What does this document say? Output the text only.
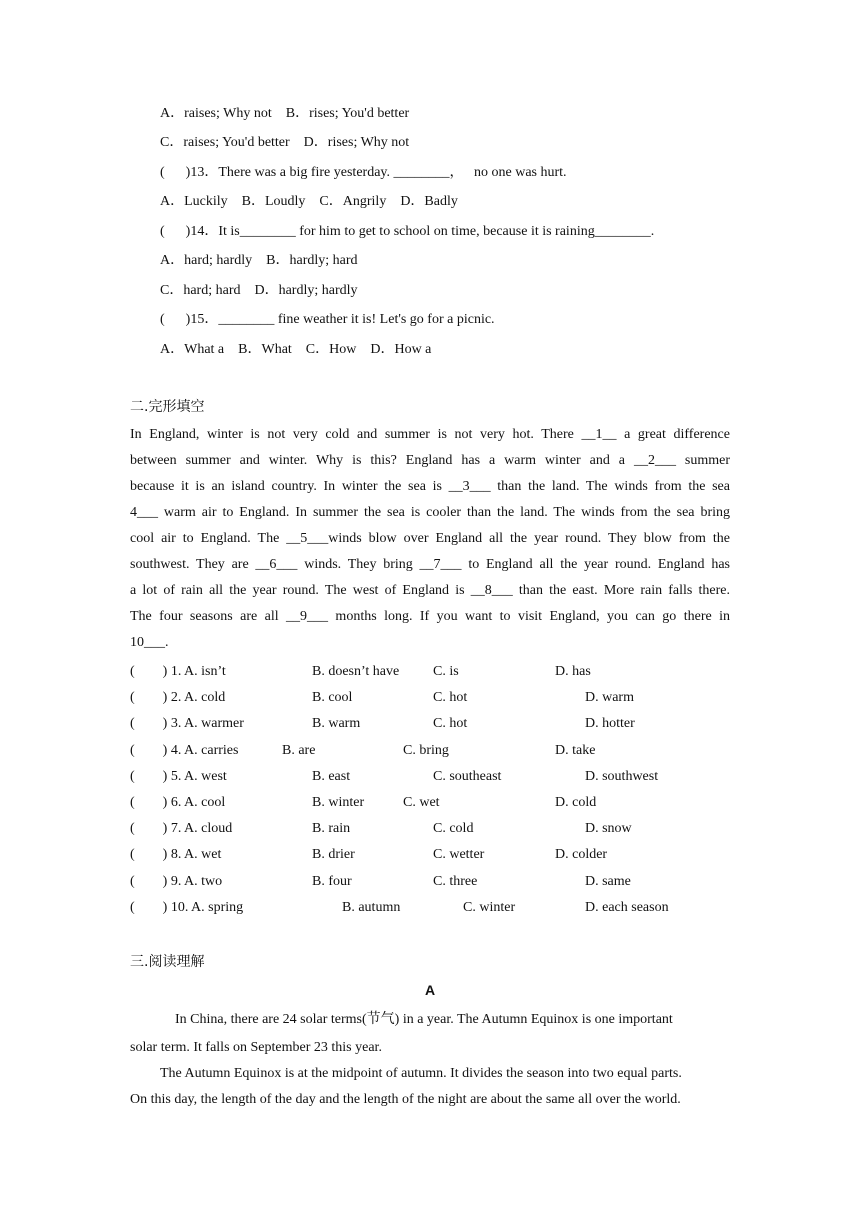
A．raises; Why not    B．rises; You'd better
C．raises; You'd better    D．rises; Why not
(      )13．There was a big fire yesterday. ________，   no one was hurt.
A．Luckily    B．Loudly    C．Angrily    D．Badly
(      )14．It is________ for him to get to school on time, because it is raining________.
A．hard; hardly    B．hardly; hard
C．hard; hard    D．hardly; hardly
(      )15．________ fine weather it is! Let's go for a picnic.
A．What a    B．What    C．How    D．How a
二.完形填空
In England, winter is not very cold and summer is not very hot. There __1__ a great difference
between summer and winter. Why is this? England has a warm winter and a __2___ summer
because it is an island country. In winter the sea is __3___ than the land. The winds from the sea
4___ warm air to England. In summer the sea is cooler than the land. The winds from the sea bring
cool air to England. The __5___winds blow over England all the year round. They blow from the
southwest. They are __6___ winds. They bring __7___ to England all the year round. England has
a lot of rain all the year round. The west of England is __8___ than the east. More rain falls there.
The four seasons are all __9___ months long. If you want to visit England, you can go there in
10___.
(        ) 1. A. isn’t	B. doesn’t have C. is	D. has
(        ) 2. A. cold	B. cool	C. hot	D. warm
(        ) 3. A. warmer	B. warm	C. hot	D. hotter
(        ) 4. A. carries	B. are	C. bring	D. take
(        ) 5. A. west	B. east	C. southeast	D. southwest
(        ) 6. A. cool	B. winter	C. wet	D. cold
(        ) 7. A. cloud	B. rain	C. cold	D. snow
(        ) 8. A. wet	B. drier	C. wetter	D. colder
(        ) 9. A. two	B. four	C. three	D. same
(        ) 10. A. spring	B. autumn	C. winter	D. each season
三.阅读理解
A
In China, there are 24 solar terms(节气) in a year. The Autumn Equinox is one important
solar term. It falls on September 23 this year.
The Autumn Equinox is at the midpoint of autumn. It divides the season into two equal parts.
On this day, the length of the day and the length of the night are about the same all over the world.
